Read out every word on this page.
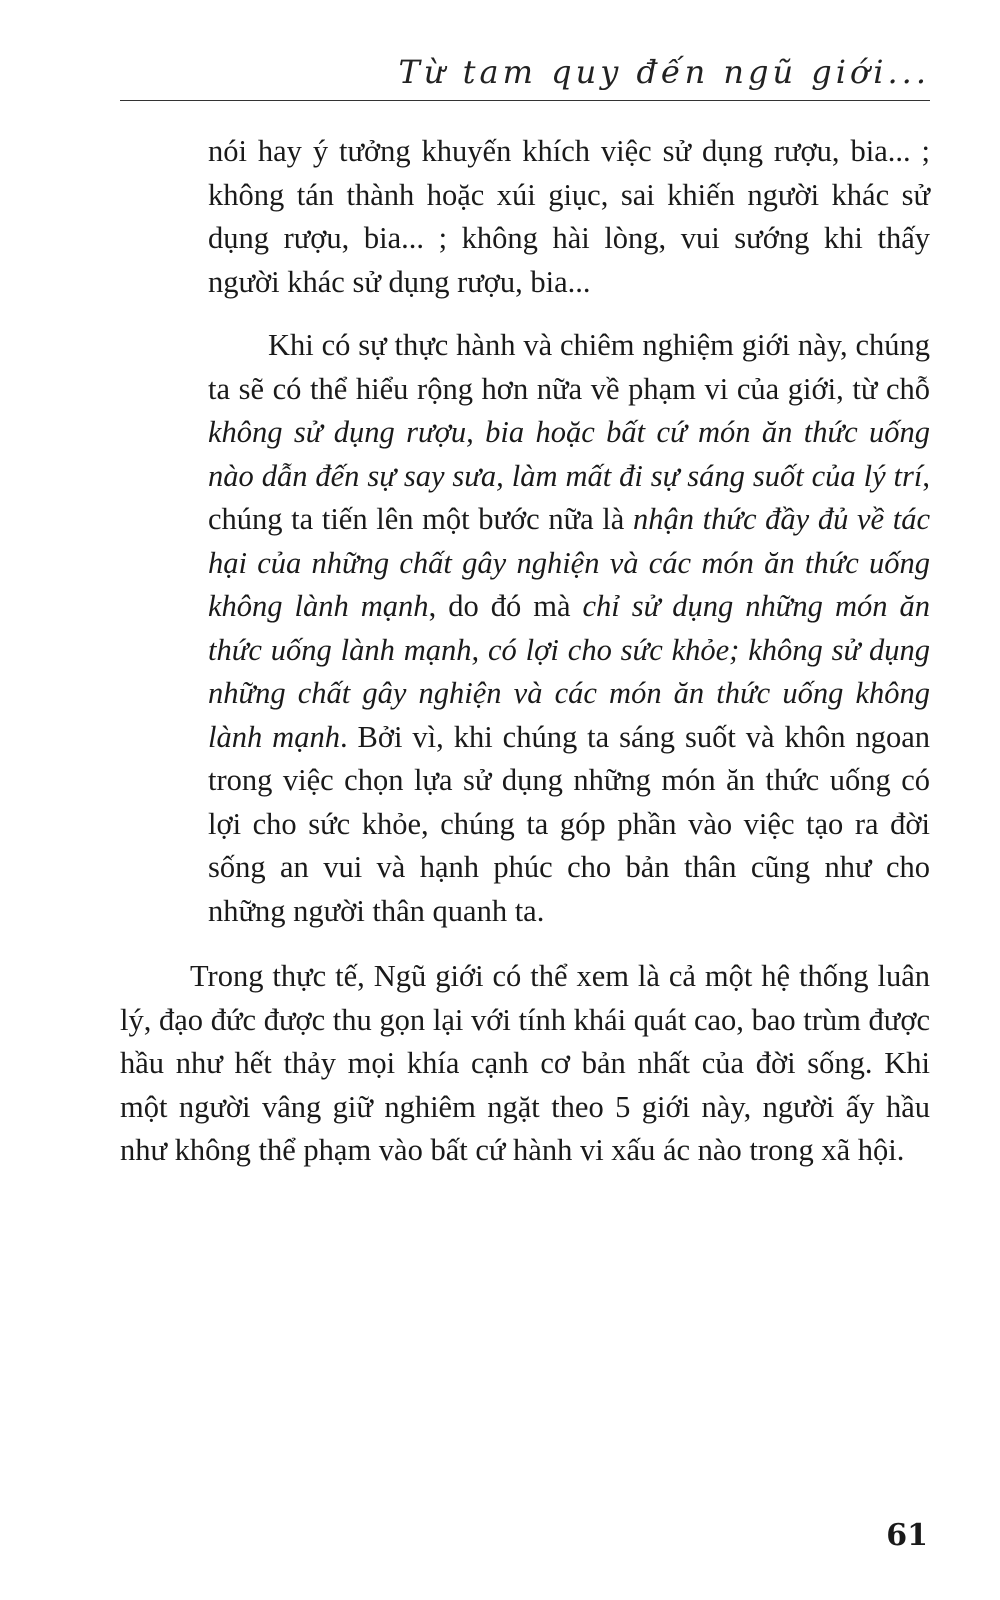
Từ tam quy đến ngũ giới...

nói hay ý tưởng khuyến khích việc sử dụng rượu, bia... ; không tán thành hoặc xúi giục, sai khiến người khác sử dụng rượu, bia... ; không hài lòng, vui sướng khi thấy người khác sử dụng rượu, bia...

Khi có sự thực hành và chiêm nghiệm giới này, chúng ta sẽ có thể hiểu rộng hơn nữa về phạm vi của giới, từ chỗ không sử dụng rượu, bia hoặc bất cứ món ăn thức uống nào dẫn đến sự say sưa, làm mất đi sự sáng suốt của lý trí, chúng ta tiến lên một bước nữa là nhận thức đầy đủ về tác hại của những chất gây nghiện và các món ăn thức uống không lành mạnh, do đó mà chỉ sử dụng những món ăn thức uống lành mạnh, có lợi cho sức khỏe; không sử dụng những chất gây nghiện và các món ăn thức uống không lành mạnh. Bởi vì, khi chúng ta sáng suốt và khôn ngoan trong việc chọn lựa sử dụng những món ăn thức uống có lợi cho sức khỏe, chúng ta góp phần vào việc tạo ra đời sống an vui và hạnh phúc cho bản thân cũng như cho những người thân quanh ta.

Trong thực tế, Ngũ giới có thể xem là cả một hệ thống luân lý, đạo đức được thu gọn lại với tính khái quát cao, bao trùm được hầu như hết thảy mọi khía cạnh cơ bản nhất của đời sống. Khi một người vâng giữ nghiêm ngặt theo 5 giới này, người ấy hầu như không thể phạm vào bất cứ hành vi xấu ác nào trong xã hội.

61
